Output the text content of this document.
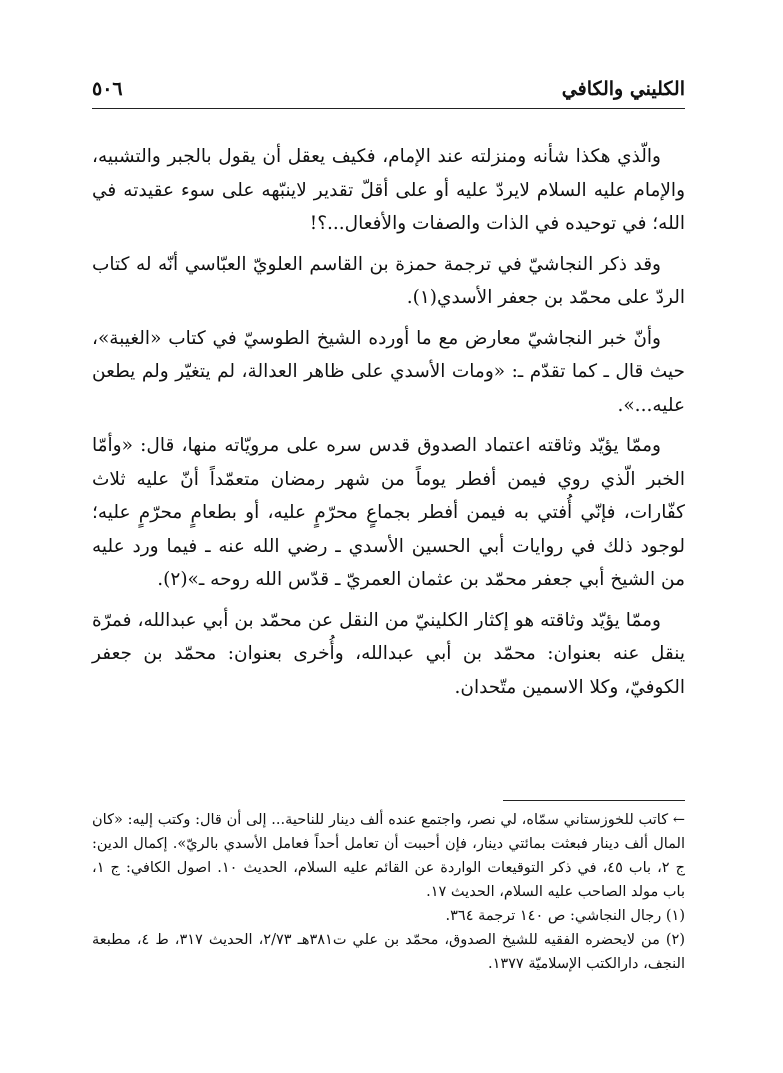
الكليني والكافي
٥٠٦

والّذي هكذا شأنه ومنزلته عند الإمام، فكيف يعقل أن يقول بالجبر والتشبيه، والإمام عليه السلام لايردّ عليه أو على أقلّ تقدير لاينبّهه على سوء عقيدته في الله؛ في توحيده في الذات والصفات والأفعال...؟!

وقد ذكر النجاشيّ في ترجمة حمزة بن القاسم العلويّ العبّاسي أنّه له كتاب الردّ على محمّد بن جعفر الأسدي(١).

وأنّ خبر النجاشيّ معارض مع ما أورده الشيخ الطوسيّ في كتاب «الغيبة»، حيث قال ـ كما تقدّم ـ: «ومات الأسدي على ظاهر العدالة، لم يتغيّر ولم يطعن عليه...».

وممّا يؤيّد وثاقته اعتماد الصدوق قدس سره على مرويّاته منها، قال: «وأمّا الخبر الّذي روي فيمن أفطر يوماً من شهر رمضان متعمّداً أنّ عليه ثلاث كفّارات، فإنّي أُفتي به فيمن أفطر بجماعٍ محرّمٍ عليه، أو بطعامٍ محرّمٍ عليه؛ لوجود ذلك في روايات أبي الحسين الأسدي ـ رضي الله عنه ـ فيما ورد عليه من الشيخ أبي جعفر محمّد بن عثمان العمريّ ـ قدّس الله روحه ـ»(٢).

وممّا يؤيّد وثاقته هو إكثار الكلينيّ من النقل عن محمّد بن أبي عبدالله، فمرّة ينقل عنه بعنوان: محمّد بن أبي عبدالله، وأُخرى بعنوان: محمّد بن جعفر الكوفيّ، وكلا الاسمين متّحدان.

← كاتب للخوزستاني سمّاه، لي نصر، واجتمع عنده ألف دينار للناحية... إلى أن قال: وكتب إليه: «كان المال ألف دينار فبعثت بمائتي دينار، فإن أحببت أن تعامل أحداً فعامل الأسدي بالريّ». إكمال الدين: ج ٢، باب ٤٥، في ذكر التوقيعات الواردة عن القائم عليه السلام، الحديث ١٠. اصول الكافي: ج ١، باب مولد الصاحب عليه السلام، الحديث ١٧.

(١) رجال النجاشي: ص ١٤٠ ترجمة ٣٦٤.

(٢) من لايحضره الفقيه للشيخ الصدوق، محمّد بن علي ت٣٨١هـ ٢/٧٣، الحديث ٣١٧، ط ٤، مطبعة النجف، دارالكتب الإسلاميّة ١٣٧٧.
